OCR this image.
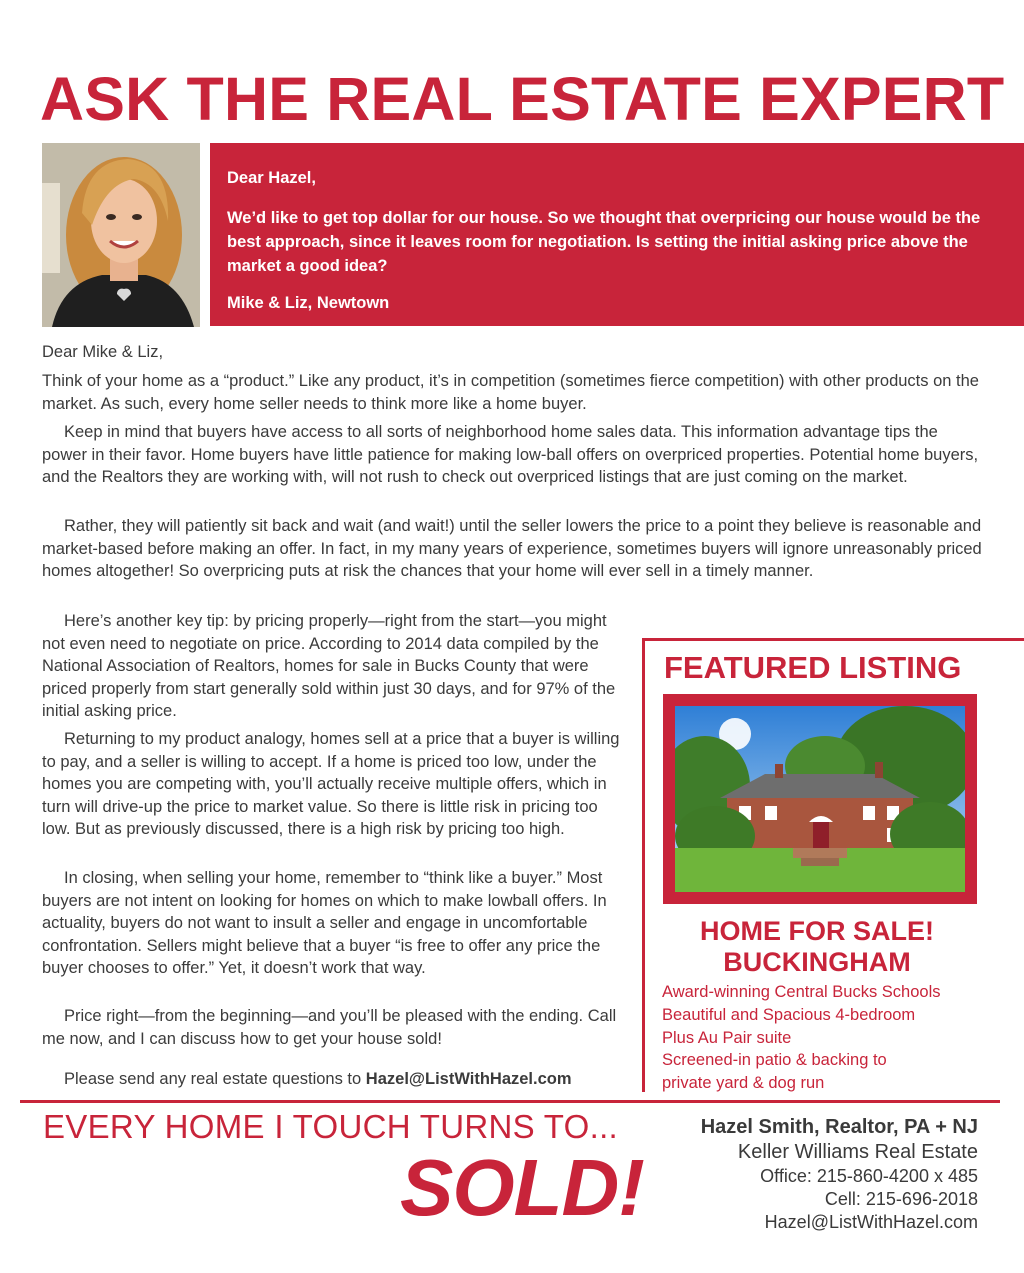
ASK THE REAL ESTATE EXPERT

Dear Hazel,

We’d like to get top dollar for our house. So we thought that overpricing our house would be the best approach, since it leaves room for negotiation. Is setting the initial asking price above the market a good idea?

Mike & Liz, Newtown

Dear Mike & Liz,

Think of your home as a “product.” Like any product, it’s in competition (sometimes fierce competition) with other products on the market. As such, every home seller needs to think more like a home buyer.

Keep in mind that buyers have access to all sorts of neighborhood home sales data. This information advantage tips the power in their favor. Home buyers have little patience for making low-ball offers on overpriced properties. Potential home buyers, and the Realtors they are working with, will not rush to check out overpriced listings that are just coming on the market.

Rather, they will patiently sit back and wait (and wait!) until the seller lowers the price to a point they believe is reasonable and market-based before making an offer. In fact, in my many years of experience, sometimes buyers will ignore unreasonably priced homes altogether! So overpricing puts at risk the chances that your home will ever sell in a timely manner.

Here’s another key tip: by pricing properly—right from the start—you might not even need to negotiate on price. According to 2014 data compiled by the National Association of Realtors, homes for sale in Bucks County that were priced properly from start generally sold within just 30 days, and for 97% of the initial asking price.

Returning to my product analogy, homes sell at a price that a buyer is willing to pay, and a seller is willing to accept. If a home is priced too low, under the homes you are competing with, you’ll actually receive multiple offers, which in turn will drive-up the price to market value. So there is little risk in pricing too low. But as previously discussed, there is a high risk by pricing too high.

In closing, when selling your home, remember to “think like a buyer.” Most buyers are not intent on looking for homes on which to make lowball offers. In actuality, buyers do not want to insult a seller and engage in uncomfortable confrontation. Sellers might believe that a buyer “is free to offer any price the buyer chooses to offer.” Yet, it doesn’t work that way.

Price right—from the beginning—and you’ll be pleased with the ending. Call me now, and I can discuss how to get your house sold!

Please send any real estate questions to Hazel@ListWithHazel.com

FEATURED LISTING
HOME FOR SALE!
BUCKINGHAM
Award-winning Central Bucks Schools
Beautiful and Spacious 4-bedroom
Plus Au Pair suite
Screened-in patio & backing to
private yard & dog run
EVERY HOME I TOUCH TURNS TO...
SOLD!
Hazel Smith, Realtor, PA + NJ
Keller Williams Real Estate
Office: 215-860-4200 x 485
Cell: 215-696-2018
Hazel@ListWithHazel.com
